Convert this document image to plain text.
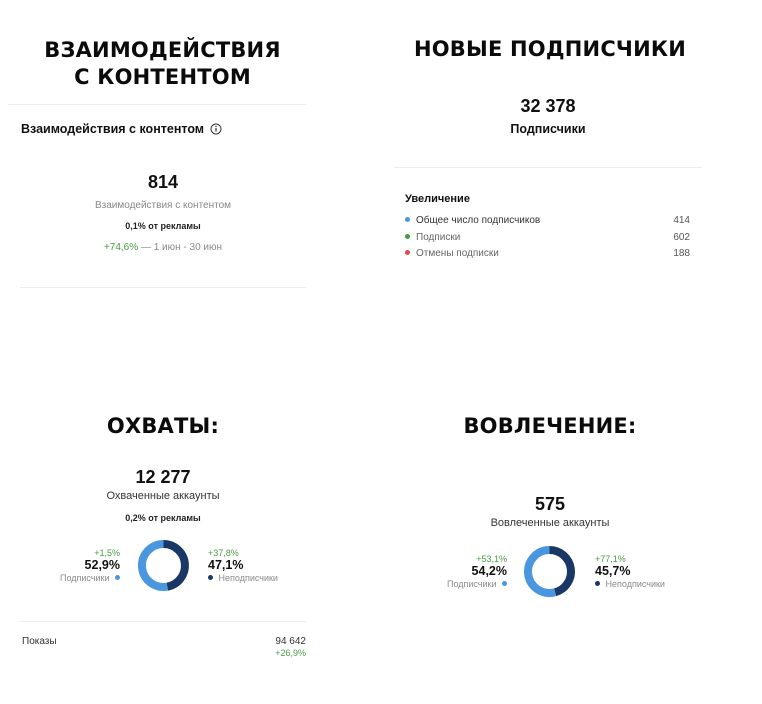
ВЗАИМОДЕЙСТВИЯ
С КОНТЕНТОМ
Взаимодействия с контентом
814
Взаимодействия с контентом
0,1% от рекламы
+74,6% — 1 июн - 30 июн
НОВЫЕ ПОДПИСЧИКИ
32 378
Подписчики
Увеличение
Общее число подписчиков	414
Подписки	602
Отмены подписки	188
ОХВАТЫ:
12 277
Охваченные аккаунты
0,2% от рекламы
+1,5%
52,9%
Подписчики
+37,8%
47,1%
Неподписчики
Показы	94 642
+26,9%
ВОВЛЕЧЕНИЕ:
575
Вовлеченные аккаунты
+53,1%
54,2%
Подписчики
+77,1%
45,7%
Неподписчики
